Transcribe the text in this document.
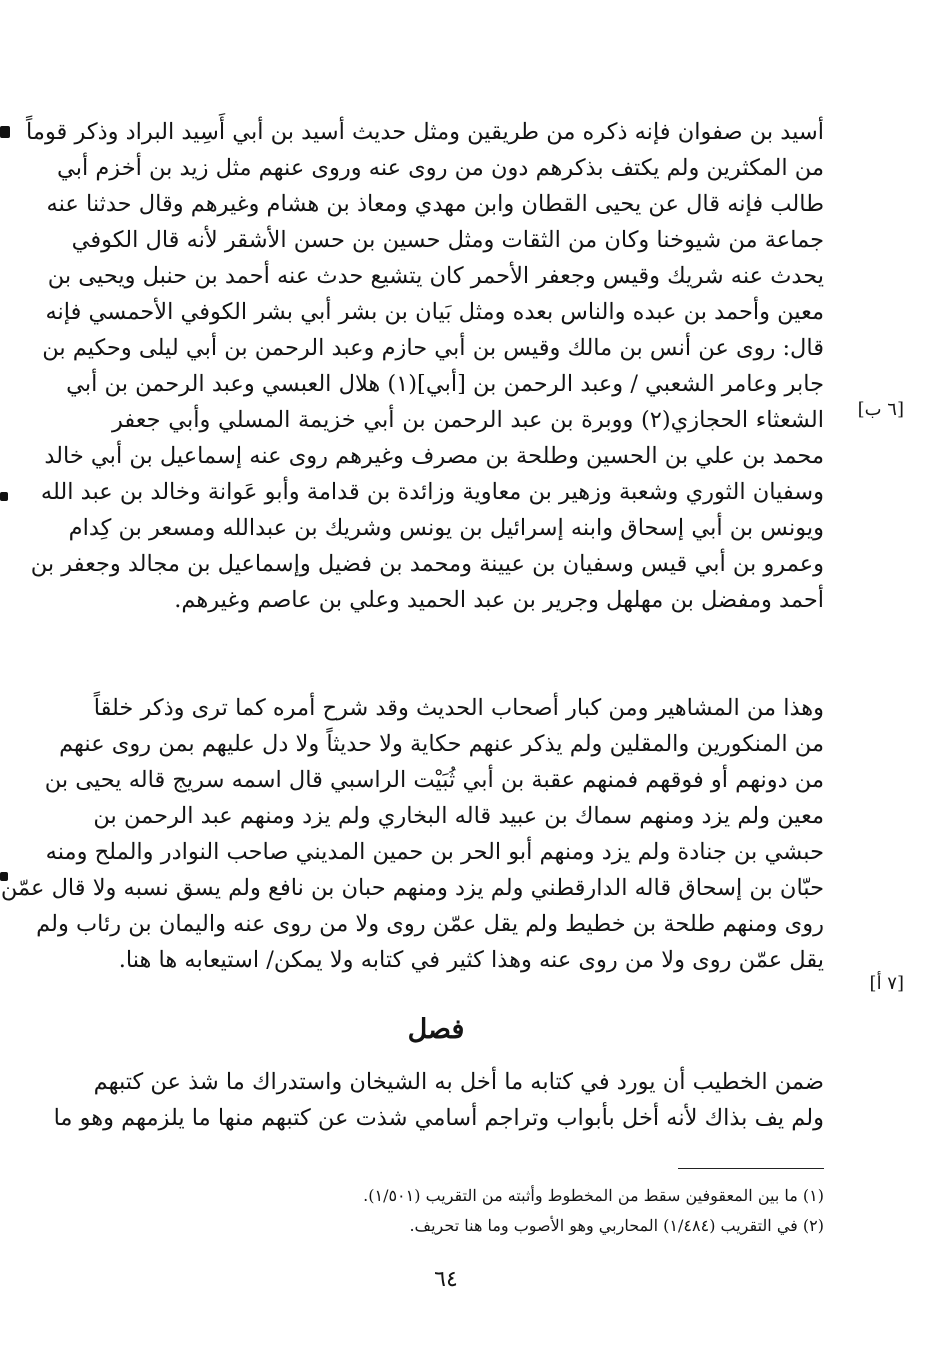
أسيد بن صفوان فإنه ذكره من طريقين ومثل حديث أسيد بن أبي أَسِيد البراد وذكر قوماً
من المكثرين ولم يكتف بذكرهم دون من روى عنه وروى عنهم مثل زيد بن أخزم أبي
طالب فإنه قال عن يحيى القطان وابن مهدي ومعاذ بن هشام وغيرهم وقال حدثنا عنه
جماعة من شيوخنا وكان من الثقات ومثل حسين بن حسن الأشقر لأنه قال الكوفي
يحدث عنه شريك وقيس وجعفر الأحمر كان يتشيع حدث عنه أحمد بن حنبل ويحيى بن
معين وأحمد بن عبده والناس بعده ومثل بَيان بن بشر أبي بشر الكوفي الأحمسي فإنه
قال: روى عن أنس بن مالك وقيس بن أبي حازم وعبد الرحمن بن أبي ليلى وحكيم بن
جابر وعامر الشعبي / وعبد الرحمن بن [أبي](١) هلال العبسي وعبد الرحمن بن أبي
الشعثاء الحجازي(٢) ووبرة بن عبد الرحمن بن أبي خزيمة المسلي وأبي جعفر
محمد بن علي بن الحسين وطلحة بن مصرف وغيرهم روى عنه إسماعيل بن أبي خالد
وسفيان الثوري وشعبة وزهير بن معاوية وزائدة بن قدامة وأبو عَوانة وخالد بن عبد الله
ويونس بن أبي إسحاق وابنه إسرائيل بن يونس وشريك بن عبدالله ومسعر بن كِدام
وعمرو بن أبي قيس وسفيان بن عيينة ومحمد بن فضيل وإسماعيل بن مجالد وجعفر بن
أحمد ومفضل بن مهلهل وجرير بن عبد الحميد وعلي بن عاصم وغيرهم.
[٦ ب]
وهذا من المشاهير ومن كبار أصحاب الحديث وقد شرح أمره كما ترى وذكر خلقاً
من المنكورين والمقلين ولم يذكر عنهم حكاية ولا حديثاً ولا دل عليهم بمن روى عنهم
من دونهم أو فوقهم فمنهم عقبة بن أبي ثُبَيْت الراسبي قال اسمه سريج قاله يحيى بن
معين ولم يزد ومنهم سماك بن عبيد قاله البخاري ولم يزد ومنهم عبد الرحمن بن
حبشي بن جنادة ولم يزد ومنهم أبو الحر بن حمين المديني صاحب النوادر والملح ومنه
حبّان بن إسحاق قاله الدارقطني ولم يزد ومنهم حبان بن نافع ولم يسق نسبه ولا قال عمّن
روى ومنهم طلحة بن خطيط ولم يقل عمّن روى ولا من روى عنه واليمان بن رئاب ولم
يقل عمّن روى ولا من روى عنه وهذا كثير في كتابه ولا يمكن/ استيعابه ها هنا.
[٧ أ]
فصل
ضمن الخطيب أن يورد في كتابه ما أخل به الشيخان واستدراك ما شذ عن كتبهم
ولم يف بذاك لأنه أخل بأبواب وتراجم أسامي شذت عن كتبهم منها ما يلزمهم وهو ما
(١) ما بين المعقوفين سقط من المخطوط وأثبته من التقريب (١/٥٠١).
(٢) في التقريب (١/٤٨٤) المحاربي وهو الأصوب وما هنا تحريف.
٦٤
